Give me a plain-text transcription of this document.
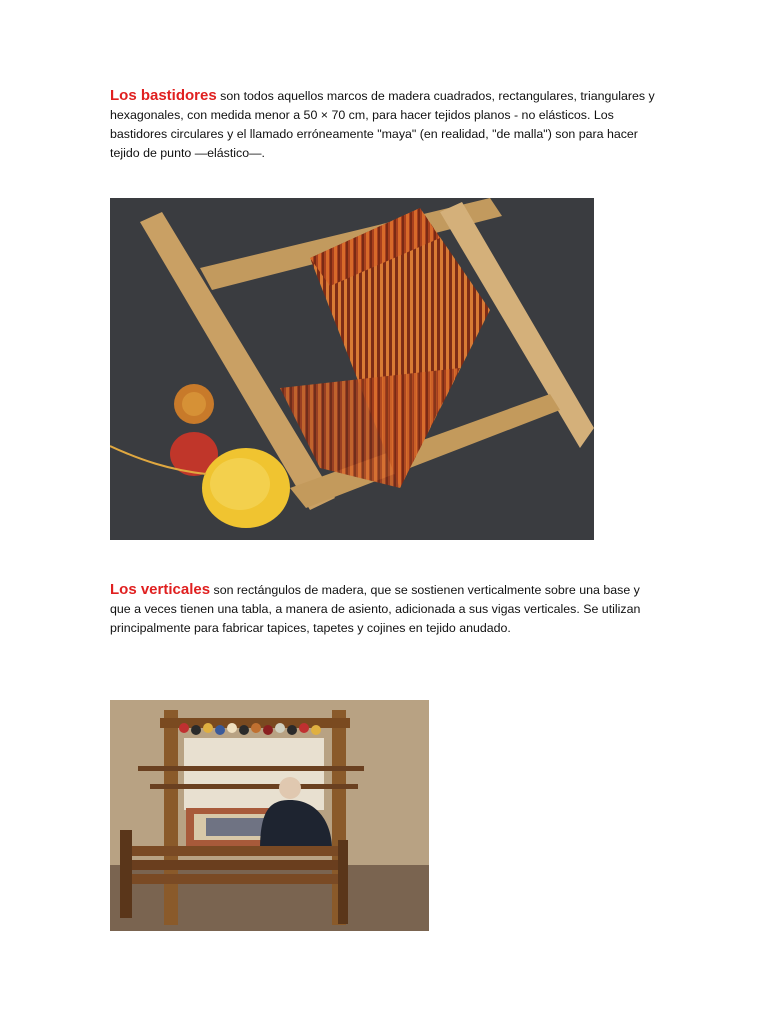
Los bastidores son todos aquellos marcos de madera cuadrados, rectangulares, triangulares y hexagonales, con medida menor a 50 × 70 cm, para hacer tejidos planos - no elásticos. Los bastidores circulares y el llamado erróneamente "maya" (en realidad, "de malla") son para hacer tejido de punto —elástico—.

Los verticales son rectángulos de madera, que se sostienen verticalmente sobre una base y que a veces tienen una tabla, a manera de asiento, adicionada a sus vigas verticales. Se utilizan principalmente para fabricar tapices, tapetes y cojines en tejido anudado.
